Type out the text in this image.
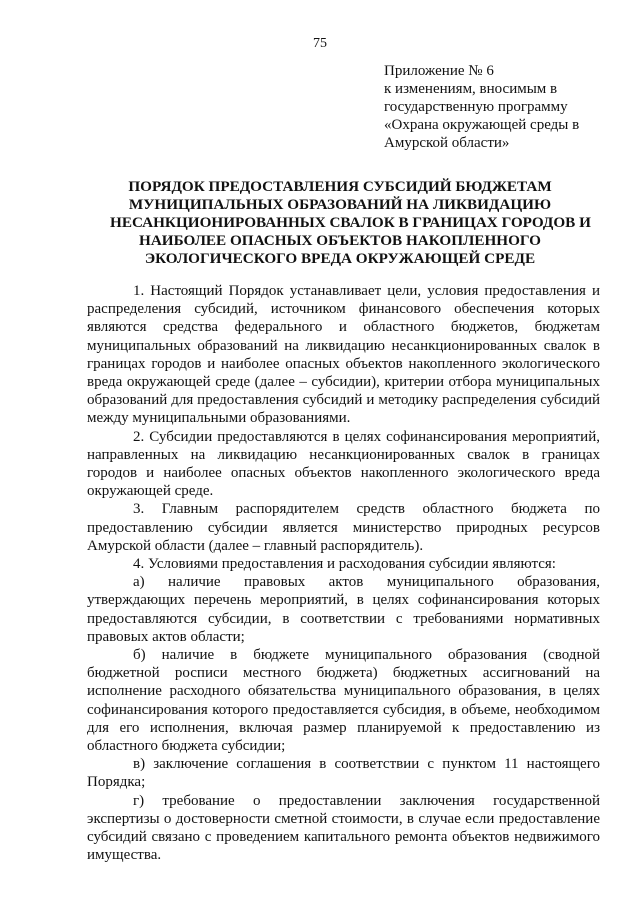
75
Приложение № 6
к изменениям, вносимым в
государственную программу
«Охрана окружающей среды в
Амурской области»
ПОРЯДОК ПРЕДОСТАВЛЕНИЯ СУБСИДИЙ БЮДЖЕТАМ
МУНИЦИПАЛЬНЫХ ОБРАЗОВАНИЙ НА ЛИКВИДАЦИЮ
НЕСАНКЦИОНИРОВАННЫХ СВАЛОК В ГРАНИЦАХ ГОРОДОВ И
НАИБОЛЕЕ ОПАСНЫХ ОБЪЕКТОВ НАКОПЛЕННОГО
ЭКОЛОГИЧЕСКОГО ВРЕДА ОКРУЖАЮЩЕЙ СРЕДЕ

1. Настоящий Порядок устанавливает цели, условия предоставления и распределения субсидий, источником финансового обеспечения которых являются средства федерального и областного бюджетов, бюджетам муниципальных образований на ликвидацию несанкционированных свалок в границах городов и наиболее опасных объектов накопленного экологического вреда окружающей среде (далее – субсидии), критерии отбора муниципальных образований для предоставления субсидий и методику распределения субсидий между муниципальными образованиями.

2. Субсидии предоставляются в целях софинансирования мероприятий, направленных на ликвидацию несанкционированных свалок в границах городов и наиболее опасных объектов накопленного экологического вреда окружающей среде.

3. Главным распорядителем средств областного бюджета по предоставлению субсидии является министерство природных ресурсов Амурской области (далее – главный распорядитель).

4. Условиями предоставления и расходования субсидии являются:

а) наличие правовых актов муниципального образования, утверждающих перечень мероприятий, в целях софинансирования которых предоставляются субсидии, в соответствии с требованиями нормативных правовых актов области;

б) наличие в бюджете муниципального образования (сводной бюджетной росписи местного бюджета) бюджетных ассигнований на исполнение расходного обязательства муниципального образования, в целях софинансирования которого предоставляется субсидия, в объеме, необходимом для его исполнения, включая размер планируемой к предоставлению из областного бюджета субсидии;

в) заключение соглашения в соответствии с пунктом 11 настоящего Порядка;

г) требование о предоставлении заключения государственной экспертизы о достоверности сметной стоимости, в случае если предоставление субсидий связано с проведением капитального ремонта объектов недвижимого имущества.
